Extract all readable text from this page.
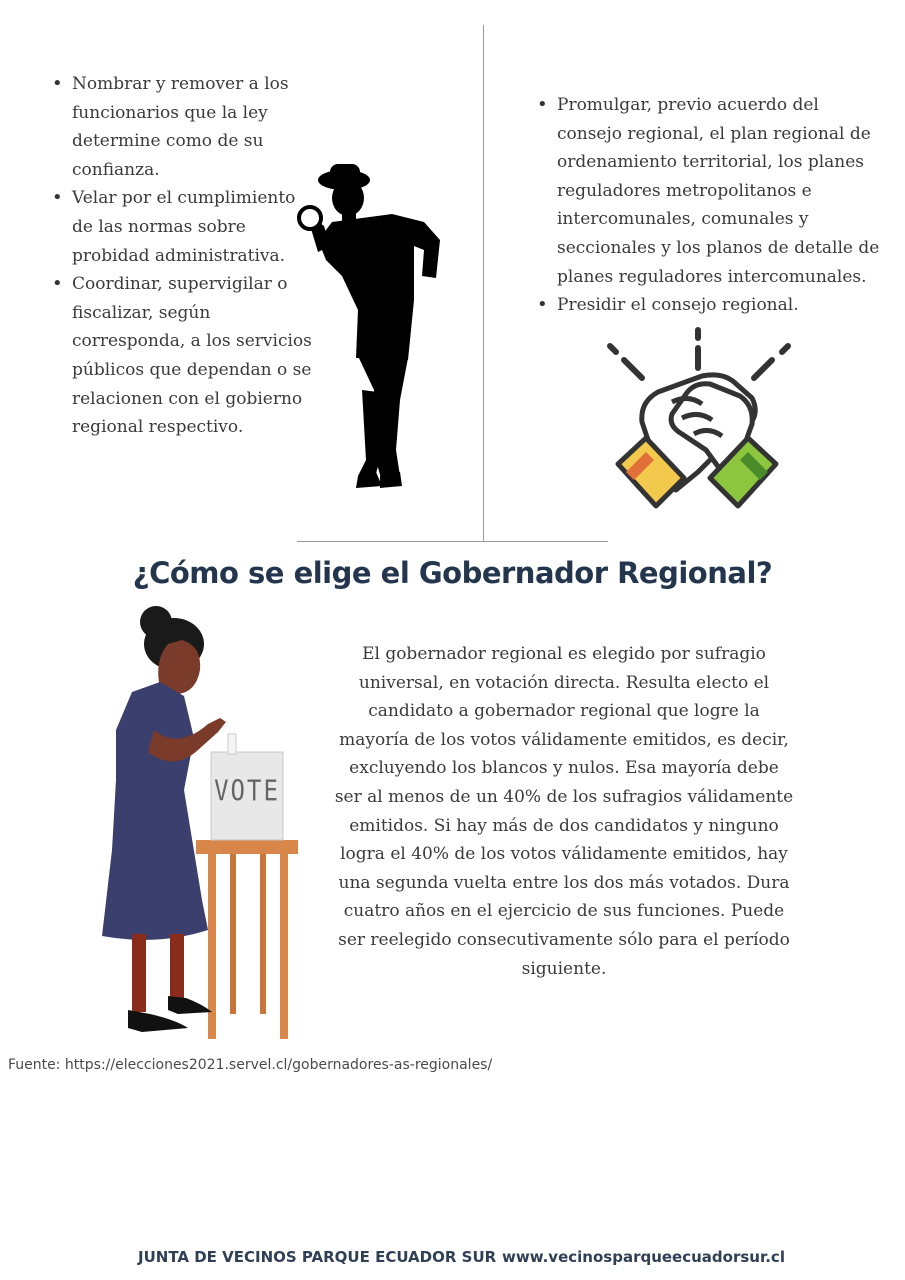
• Nombrar y remover a los funcionarios que la ley determine como de su confianza.
• Velar por el cumplimiento de las normas sobre probidad administrativa.
• Coordinar, supervigilar o fiscalizar, según corresponda, a los servicios públicos que dependan o se relacionen con el gobierno regional respectivo.
• Promulgar, previo acuerdo del consejo regional, el plan regional de ordenamiento territorial, los planes reguladores metropolitanos e intercomunales, comunales y seccionales y los planos de detalle de planes reguladores intercomunales.
• Presidir el consejo regional.
¿Cómo se elige el Gobernador Regional?
VOTE

El gobernador regional es elegido por sufragio universal, en votación directa. Resulta electo el candidato a gobernador regional que logre la mayoría de los votos válidamente emitidos, es decir, excluyendo los blancos y nulos. Esa mayoría debe ser al menos de un 40% de los sufragios válidamente emitidos. Si hay más de dos candidatos y ninguno logra el 40% de los votos válidamente emitidos, hay una segunda vuelta entre los dos más votados. Dura cuatro años en el ejercicio de sus funciones. Puede ser reelegido consecutivamente sólo para el período siguiente.

Fuente: https://elecciones2021.servel.cl/gobernadores-as-regionales/
JUNTA DE VECINOS PARQUE ECUADOR SUR www.vecinosparqueecuadorsur.cl
